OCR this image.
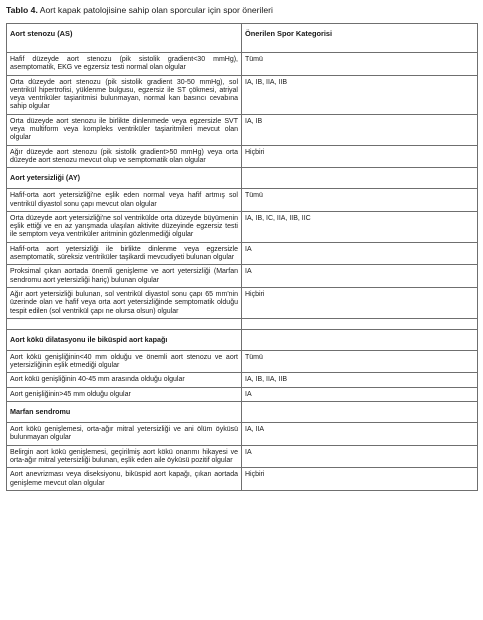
Tablo 4. Aort kapak patolojisine sahip olan sporcular için spor önerileri
Aort stenozu (AS)	Önerilen Spor Kategorisi
Hafif düzeyde aort stenozu (pik sistolik gradient<30 mmHg), asemptomatik, EKG ve egzersiz testi normal olan olgular	Tümü
Orta düzeyde aort stenozu (pik sistolik gradient 30-50 mmHg), sol ventrikül hipertrofisi, yüklenme bulgusu, egzersiz ile ST çökmesi, atriyal veya ventriküler taşiaritmisi bulunmayan, normal kan basıncı cevabına sahip olgular	IA, IB, IIA, IIB
Orta düzeyde aort stenozu ile birlikte dinlenmede veya egzersizle SVT veya multiform veya kompleks ventriküler taşiaritmileri mevcut olan olgular	IA, IB
Ağır düzeyde aort stenozu (pik sistolik gradient>50 mmHg) veya orta düzeyde aort stenozu mevcut olup ve semptomatik olan olgular	Hiçbiri
Aort yetersizliği (AY)	
Hafif-orta aort yetersizliği'ne eşlik eden normal veya hafif artmış sol ventrikül diyastol sonu çapı mevcut olan olgular	Tümü
Orta düzeyde aort yetersizliği'ne sol ventrikülde orta düzeyde büyümenin eşlik ettiği ve en az yarışmada ulaşılan aktivite düzeyinde egzersiz testi ile semptom veya ventriküler aritminin gözlenmediği olgular	IA, IB, IC, IIA, IIB, IIC
Hafif-orta aort yetersizliği ile birlikte dinlenme veya egzersizle asemptomatik, süreksiz ventriküler taşikardi mevcudiyeti bulunan olgular	IA
Proksimal çıkan aortada önemli genişleme ve aort yetersizliği (Marfan sendromu aort yetersizliği hariç) bulunan olgular	IA
Ağır aort yetersizliği bulunan, sol ventrikül diyastol sonu çapı 65 mm'nin üzerinde olan ve hafif veya orta aort yetersizliğinde semptomatik olduğu tespit edilen (sol ventrikül çapı ne olursa olsun) olgular	Hiçbiri

Aort kökü dilatasyonu ile biküspid aort kapağı	
Aort kökü genişliğinin<40 mm olduğu ve önemli aort stenozu ve aort yetersizliğinin eşlik etmediği olgular	Tümü
Aort kökü genişliğinin 40-45 mm arasında olduğu olgular	IA, IB, IIA, IIB
Aort genişliğinin>45 mm olduğu olgular	IA
Marfan sendromu	
Aort kökü genişlemesi, orta-ağır mitral yetersizliği ve ani ölüm öyküsü bulunmayan olgular	IA, IIA
Belirgin aort kökü genişlemesi, geçirilmiş aort kökü onarımı hikayesi ve orta-ağır mitral yetersizliği bulunan, eşlik eden aile öyküsü pozitif olgular	IA
Aort anevrizması veya diseksiyonu, biküspid aort kapağı, çıkan aortada genişleme mevcut olan olgular	Hiçbiri
